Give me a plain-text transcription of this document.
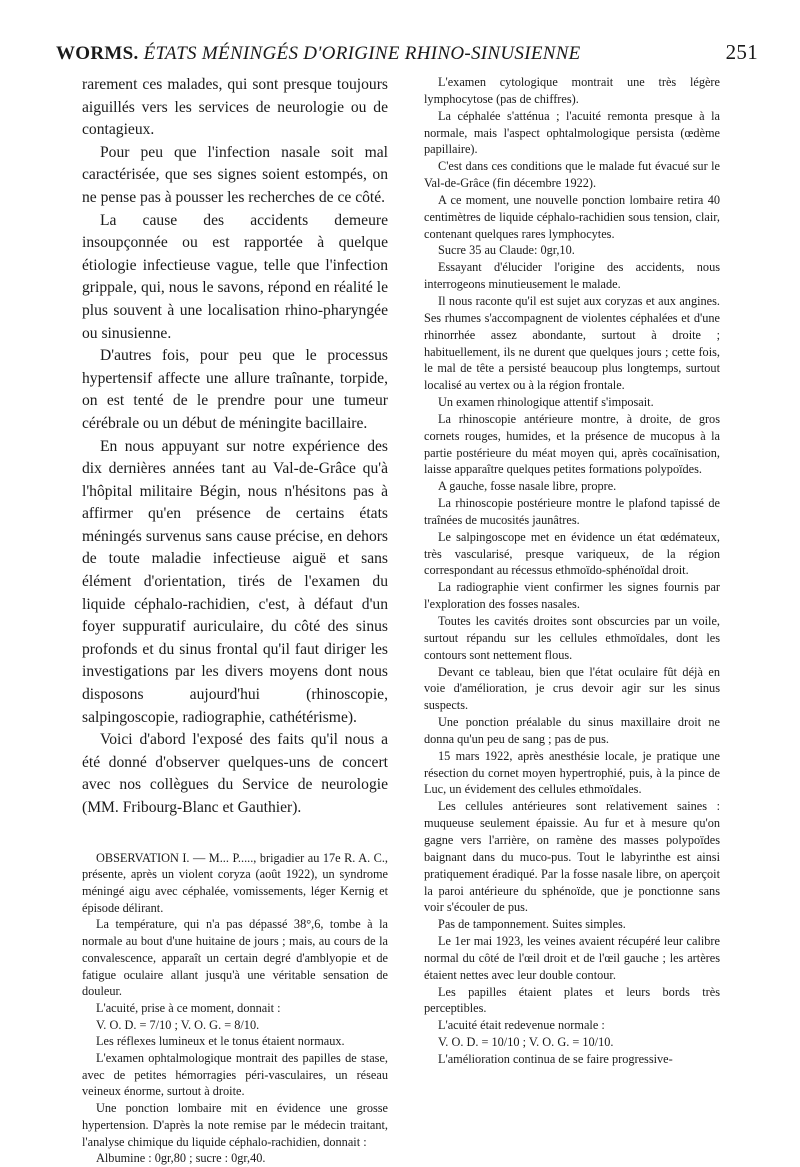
WORMS. ÉTATS MÉNINGÉS D'ORIGINE RHINO-SINUSIENNE	251

rarement ces malades, qui sont presque toujours aiguillés vers les services de neurologie ou de contagieux.

Pour peu que l'infection nasale soit mal caractérisée, que ses signes soient estompés, on ne pense pas à pousser les recherches de ce côté.

La cause des accidents demeure insoupçonnée ou est rapportée à quelque étiologie infectieuse vague, telle que l'infection grippale, qui, nous le savons, répond en réalité le plus souvent à une localisation rhino-pharyngée ou sinusienne.

D'autres fois, pour peu que le processus hypertensif affecte une allure traînante, torpide, on est tenté de le prendre pour une tumeur cérébrale ou un début de méningite bacillaire.

En nous appuyant sur notre expérience des dix dernières années tant au Val-de-Grâce qu'à l'hôpital militaire Bégin, nous n'hésitons pas à affirmer qu'en présence de certains états méningés survenus sans cause précise, en dehors de toute maladie infectieuse aiguë et sans élément d'orientation, tirés de l'examen du liquide céphalo-rachidien, c'est, à défaut d'un foyer suppuratif auriculaire, du côté des sinus profonds et du sinus frontal qu'il faut diriger les investigations par les divers moyens dont nous disposons aujourd'hui (rhinoscopie, salpingoscopie, radiographie, cathétérisme).

Voici d'abord l'exposé des faits qu'il nous a été donné d'observer quelques-uns de concert avec nos collègues du Service de neurologie (MM. Fribourg-Blanc et Gauthier).

OBSERVATION I. — M... P....., brigadier au 17e R. A. C., présente, après un violent coryza (août 1922), un syndrome méningé aigu avec céphalée, vomissements, léger Kernig et épisode délirant.

La température, qui n'a pas dépassé 38°,6, tombe à la normale au bout d'une huitaine de jours ; mais, au cours de la convalescence, apparaît un certain degré d'amblyopie et de fatigue oculaire allant jusqu'à une véritable sensation de douleur.

L'acuité, prise à ce moment, donnait :

V. O. D. = 7/10 ; V. O. G. = 8/10.

Les réflexes lumineux et le tonus étaient normaux.

L'examen ophtalmologique montrait des papilles de stase, avec de petites hémorragies péri-vasculaires, un réseau veineux énorme, surtout à droite.

Une ponction lombaire mit en évidence une grosse hypertension. D'après la note remise par le médecin traitant, l'analyse chimique du liquide céphalo-rachidien, donnait :

Albumine : 0gr,80 ; sucre : 0gr,40.

L'examen cytologique montrait une très légère lymphocytose (pas de chiffres).

La céphalée s'atténua ; l'acuité remonta presque à la normale, mais l'aspect ophtalmologique persista (œdème papillaire).

C'est dans ces conditions que le malade fut évacué sur le Val-de-Grâce (fin décembre 1922).

A ce moment, une nouvelle ponction lombaire retira 40 centimètres de liquide céphalo-rachidien sous tension, clair, contenant quelques rares lymphocytes.

Sucre 35 au Claude: 0gr,10.

Essayant d'élucider l'origine des accidents, nous interrogeons minutieusement le malade.

Il nous raconte qu'il est sujet aux coryzas et aux angines. Ses rhumes s'accompagnent de violentes céphalées et d'une rhinorrhée assez abondante, surtout à droite ; habituellement, ils ne durent que quelques jours ; cette fois, le mal de tête a persisté beaucoup plus longtemps, surtout localisé au vertex ou à la région frontale.

Un examen rhinologique attentif s'imposait.

La rhinoscopie antérieure montre, à droite, de gros cornets rouges, humides, et la présence de mucopus à la partie postérieure du méat moyen qui, après cocaïnisation, laisse apparaître quelques petites formations polypoïdes.

A gauche, fosse nasale libre, propre.

La rhinoscopie postérieure montre le plafond tapissé de traînées de mucosités jaunâtres.

Le salpingoscope met en évidence un état œdémateux, très vascularisé, presque variqueux, de la région correspondant au récessus ethmoïdo-sphénoïdal droit.

La radiographie vient confirmer les signes fournis par l'exploration des fosses nasales.

Toutes les cavités droites sont obscurcies par un voile, surtout répandu sur les cellules ethmoïdales, dont les contours sont nettement flous.

Devant ce tableau, bien que l'état oculaire fût déjà en voie d'amélioration, je crus devoir agir sur les sinus suspects.

Une ponction préalable du sinus maxillaire droit ne donna qu'un peu de sang ; pas de pus.

15 mars 1922, après anesthésie locale, je pratique une résection du cornet moyen hypertrophié, puis, à la pince de Luc, un évidement des cellules ethmoïdales.

Les cellules antérieures sont relativement saines : muqueuse seulement épaissie. Au fur et à mesure qu'on gagne vers l'arrière, on ramène des masses polypoïdes baignant dans du muco-pus. Tout le labyrinthe est ainsi pratiquement éradiqué. Par la fosse nasale libre, on aperçoit la paroi antérieure du sphénoïde, que je ponctionne sans voir s'écouler de pus.

Pas de tamponnement. Suites simples.

Le 1er mai 1923, les veines avaient récupéré leur calibre normal du côté de l'œil droit et de l'œil gauche ; les artères étaient nettes avec leur double contour.

Les papilles étaient plates et leurs bords très perceptibles.

L'acuité était redevenue normale :

V. O. D. = 10/10 ; V. O. G. = 10/10.

L'amélioration continua de se faire progressive-
